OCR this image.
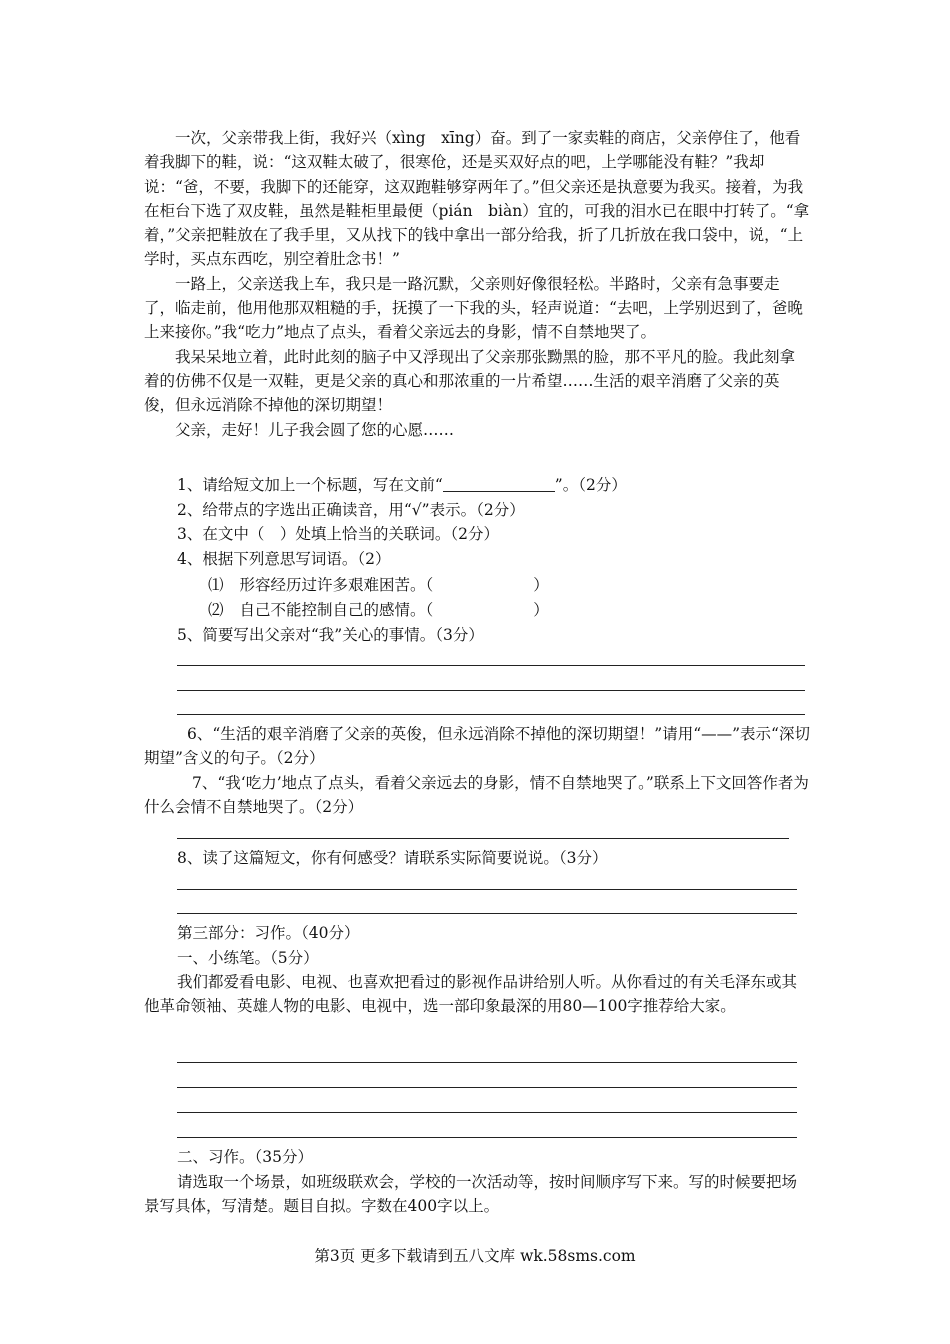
一次，父亲带我上街，我好兴（xìng　xīng）奋。到了一家卖鞋的商店，父亲停住了，他看着我脚下的鞋，说：“这双鞋太破了，很寒伧，还是买双好点的吧，上学哪能没有鞋？”我却说：“爸，不要，我脚下的还能穿，这双跑鞋够穿两年了。”但父亲还是执意要为我买。接着，为我在柜台下选了双皮鞋，虽然是鞋柜里最便（pián　biàn）宜的，可我的泪水已在眼中打转了。“拿着，”父亲把鞋放在了我手里，又从找下的钱中拿出一部分给我，折了几折放在我口袋中，说，“上学时，买点东西吃，别空着肚念书！”

一路上，父亲送我上车，我只是一路沉默，父亲则好像很轻松。半路时，父亲有急事要走了，临走前，他用他那双粗糙的手，抚摸了一下我的头，轻声说道：“去吧，上学别迟到了，爸晚上来接你。”我“吃力”地点了点头，看着父亲远去的身影，情不自禁地哭了。

我呆呆地立着，此时此刻的脑子中又浮现出了父亲那张黝黑的脸，那不平凡的脸。我此刻拿着的仿佛不仅是一双鞋，更是父亲的真心和那浓重的一片希望……生活的艰辛消磨了父亲的英俊，但永远消除不掉他的深切期望！

父亲，走好！儿子我会圆了您的心愿……

1、请给短文加上一个标题，写在文前“	”。（2分）
2、给带点的字选出正确读音，用“√”表示。（2分）
3、在文中（　）处填上恰当的关联词。（2分）
4、根据下列意思写词语。（2）
⑴ 形容经历过许多艰难困苦。（	）
⑵ 自己不能控制自己的感情。（	）
5、简要写出父亲对“我”关心的事情。（3分）
6、“生活的艰辛消磨了父亲的英俊，但永远消除不掉他的深切期望！”请用“——”表示“深切期望”含义的句子。（2分）
7、“我‘吃力’地点了点头，看着父亲远去的身影，情不自禁地哭了。”联系上下文回答作者为什么会情不自禁地哭了。（2分）
8、读了这篇短文，你有何感受？请联系实际简要说说。（3分）
第三部分：习作。（40分）
一、小练笔。（5分）
我们都爱看电影、电视、也喜欢把看过的影视作品讲给别人听。从你看过的有关毛泽东或其他革命领袖、英雄人物的电影、电视中，选一部印象最深的用80—100字推荐给大家。
二、习作。（35分）
请选取一个场景，如班级联欢会，学校的一次活动等，按时间顺序写下来。写的时候要把场景写具体，写清楚。题目自拟。字数在400字以上。
第3页 更多下载请到五八文库 wk.58sms.com
